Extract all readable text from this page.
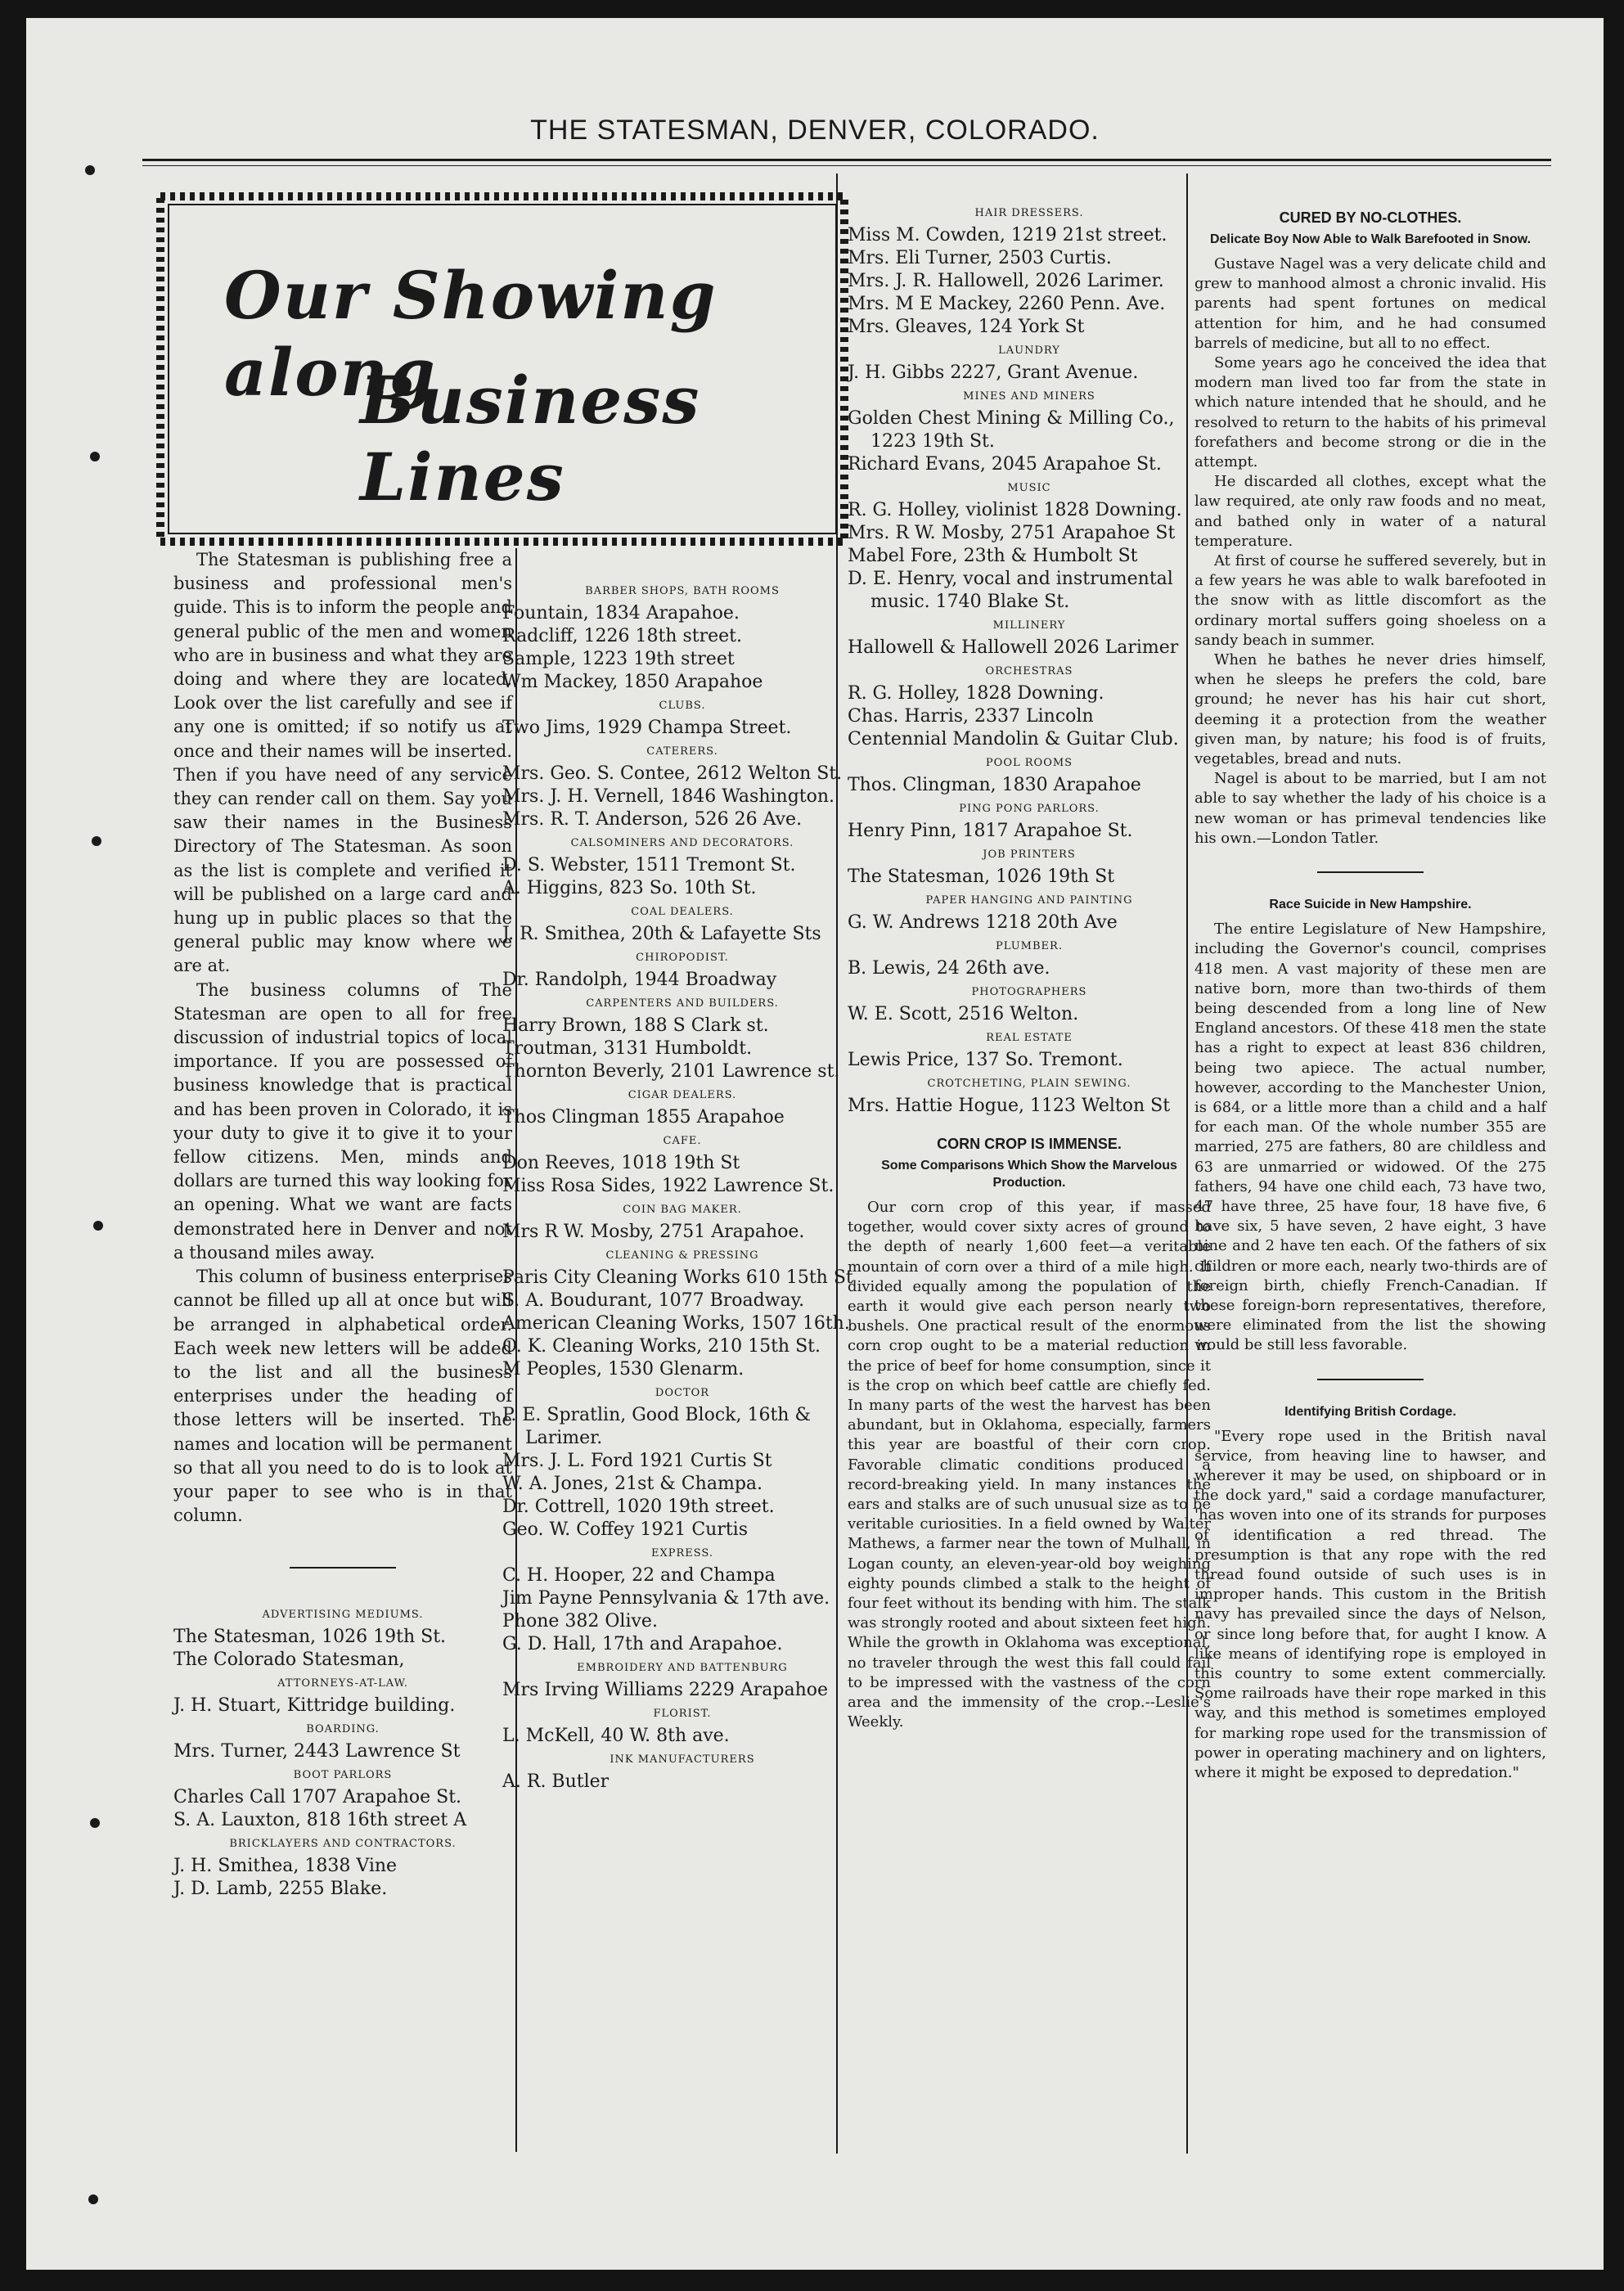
THE STATESMAN, DENVER, COLORADO.
Our Showing along
Business Lines

The Statesman is publishing free a business and professional men's guide. This is to inform the people and general public of the men and women who are in business and what they are doing and where they are located. Look over the list carefully and see if any one is omitted; if so notify us at once and their names will be inserted. Then if you have need of any service they can render call on them. Say you saw their names in the Business Directory of The Statesman. As soon as the list is complete and verified it will be published on a large card and hung up in public places so that the general public may know where we are at.

The business columns of The Statesman are open to all for free discussion of industrial topics of local importance. If you are possessed of business knowledge that is practical and has been proven in Colorado, it is your duty to give it to give it to your fellow citizens. Men, minds and dollars are turned this way looking for an opening. What we want are facts demonstrated here in Denver and not a thousand miles away.

This column of business enterprises cannot be filled up all at once but will be arranged in alphabetical order. Each week new letters will be added to the list and all the business enterprises under the heading of those letters will be inserted. The names and location will be permanent so that all you need to do is to look at your paper to see who is in that column.

ADVERTISING MEDIUMS.
The Statesman, 1026 19th St.
The Colorado Statesman,
ATTORNEYS-AT-LAW.
J. H. Stuart, Kittridge building.
BOARDING.
Mrs. Turner, 2443 Lawrence St
BOOT PARLORS
Charles Call 1707 Arapahoe St.
S. A. Lauxton, 818 16th street A
BRICKLAYERS AND CONTRACTORS.
J. H. Smithea, 1838 Vine
J. D. Lamb, 2255 Blake.
BARBER SHOPS, BATH ROOMS
Fountain, 1834 Arapahoe.
Radcliff, 1226 18th street.
Sample, 1223 19th street
Wm Mackey, 1850 Arapahoe
CLUBS.
Two Jims, 1929 Champa Street.
CATERERS.
Mrs. Geo. S. Contee, 2612 Welton St.
Mrs. J. H. Vernell, 1846 Washington.
Mrs. R. T. Anderson, 526 26 Ave.
CALSOMINERS AND DECORATORS.
D. S. Webster, 1511 Tremont St.
A. Higgins, 823 So. 10th St.
COAL DEALERS.
J. R. Smithea, 20th & Lafayette Sts
CHIROPODIST.
Dr. Randolph, 1944 Broadway
CARPENTERS AND BUILDERS.
Harry Brown, 188 S Clark st.
Troutman, 3131 Humboldt.
Thornton Beverly, 2101 Lawrence st.
CIGAR DEALERS.
Thos Clingman 1855 Arapahoe
CAFE.
Don Reeves, 1018 19th St
Miss Rosa Sides, 1922 Lawrence St.
COIN BAG MAKER.
Mrs R W. Mosby, 2751 Arapahoe.
CLEANING & PRESSING
Paris City Cleaning Works 610 15th St
S. A. Boudurant, 1077 Broadway.
American Cleaning Works, 1507 16th.
O. K. Cleaning Works, 210 15th St.
M Peoples, 1530 Glenarm.
DOCTOR
P. E. Spratlin, Good Block, 16th & Larimer.
Mrs. J. L. Ford 1921 Curtis St
W. A. Jones, 21st & Champa.
Dr. Cottrell, 1020 19th street.
Geo. W. Coffey 1921 Curtis
EXPRESS.
C. H. Hooper, 22 and Champa
Jim Payne Pennsylvania & 17th ave.
Phone 382 Olive.
G. D. Hall, 17th and Arapahoe.
EMBROIDERY AND BATTENBURG
Mrs Irving Williams 2229 Arapahoe
FLORIST.
L. McKell, 40 W. 8th ave.
INK MANUFACTURERS
A. R. Butler
HAIR DRESSERS.
Miss M. Cowden, 1219 21st street.
Mrs. Eli Turner, 2503 Curtis.
Mrs. J. R. Hallowell, 2026 Larimer.
Mrs. M E Mackey, 2260 Penn. Ave.
Mrs. Gleaves, 124 York St
LAUNDRY
J. H. Gibbs 2227, Grant Avenue.
MINES AND MINERS
Golden Chest Mining & Milling Co., 1223 19th St.
Richard Evans, 2045 Arapahoe St.
MUSIC
R. G. Holley, violinist 1828 Downing.
Mrs. R W. Mosby, 2751 Arapahoe St
Mabel Fore, 23th & Humbolt St
D. E. Henry, vocal and instrumental music. 1740 Blake St.
MILLINERY
Hallowell & Hallowell 2026 Larimer
ORCHESTRAS
R. G. Holley, 1828 Downing.
Chas. Harris, 2337 Lincoln
Centennial Mandolin & Guitar Club.
POOL ROOMS
Thos. Clingman, 1830 Arapahoe
PING PONG PARLORS.
Henry Pinn, 1817 Arapahoe St.
JOB PRINTERS
The Statesman, 1026 19th St
PAPER HANGING AND PAINTING
G. W. Andrews 1218 20th Ave
PLUMBER.
B. Lewis, 24 26th ave.
PHOTOGRAPHERS
W. E. Scott, 2516 Welton.
REAL ESTATE
Lewis Price, 137 So. Tremont.
CROTCHETING, PLAIN SEWING.
Mrs. Hattie Hogue, 1123 Welton St
CORN CROP IS IMMENSE.
Some Comparisons Which Show the Marvelous Production.

Our corn crop of this year, if massed together, would cover sixty acres of ground to the depth of nearly 1,600 feet—a veritable mountain of corn over a third of a mile high. If divided equally among the population of the earth it would give each person nearly two bushels. One practical result of the enormous corn crop ought to be a material reduction in the price of beef for home consumption, since it is the crop on which beef cattle are chiefly fed. In many parts of the west the harvest has been abundant, but in Oklahoma, especially, farmers this year are boastful of their corn crop. Favorable climatic conditions produced a record-breaking yield. In many instances the ears and stalks are of such unusual size as to be veritable curiosities. In a field owned by Walter Mathews, a farmer near the town of Mulhall, in Logan county, an eleven-year-old boy weighing eighty pounds climbed a stalk to the height of four feet without its bending with him. The stalk was strongly rooted and about sixteen feet high. While the growth in Oklahoma was exceptional, no traveler through the west this fall could fail to be impressed with the vastness of the corn area and the immensity of the crop.--Leslie's Weekly.

CURED BY NO-CLOTHES.
Delicate Boy Now Able to Walk Barefooted in Snow.

Gustave Nagel was a very delicate child and grew to manhood almost a chronic invalid. His parents had spent fortunes on medical attention for him, and he had consumed barrels of medicine, but all to no effect.

Some years ago he conceived the idea that modern man lived too far from the state in which nature intended that he should, and he resolved to return to the habits of his primeval forefathers and become strong or die in the attempt.

He discarded all clothes, except what the law required, ate only raw foods and no meat, and bathed only in water of a natural temperature.

At first of course he suffered severely, but in a few years he was able to walk barefooted in the snow with as little discomfort as the ordinary mortal suffers going shoeless on a sandy beach in summer.

When he bathes he never dries himself, when he sleeps he prefers the cold, bare ground; he never has his hair cut short, deeming it a protection from the weather given man, by nature; his food is of fruits, vegetables, bread and nuts.

Nagel is about to be married, but I am not able to say whether the lady of his choice is a new woman or has primeval tendencies like his own.—London Tatler.

Race Suicide in New Hampshire.

The entire Legislature of New Hampshire, including the Governor's council, comprises 418 men. A vast majority of these men are native born, more than two-thirds of them being descended from a long line of New England ancestors. Of these 418 men the state has a right to expect at least 836 children, being two apiece. The actual number, however, according to the Manchester Union, is 684, or a little more than a child and a half for each man. Of the whole number 355 are married, 275 are fathers, 80 are childless and 63 are unmarried or widowed. Of the 275 fathers, 94 have one child each, 73 have two, 47 have three, 25 have four, 18 have five, 6 have six, 5 have seven, 2 have eight, 3 have nine and 2 have ten each. Of the fathers of six children or more each, nearly two-thirds are of foreign birth, chiefly French-Canadian. If these foreign-born representatives, therefore, were eliminated from the list the showing would be still less favorable.

Identifying British Cordage.

"Every rope used in the British naval service, from heaving line to hawser, and wherever it may be used, on shipboard or in the dock yard," said a cordage manufacturer, 'has woven into one of its strands for purposes of identification a red thread. The presumption is that any rope with the red thread found outside of such uses is in improper hands. This custom in the British navy has prevailed since the days of Nelson, or since long before that, for aught I know. A like means of identifying rope is employed in this country to some extent commercially. Some railroads have their rope marked in this way, and this method is sometimes employed for marking rope used for the transmission of power in operating machinery and on lighters, where it might be exposed to depredation."
